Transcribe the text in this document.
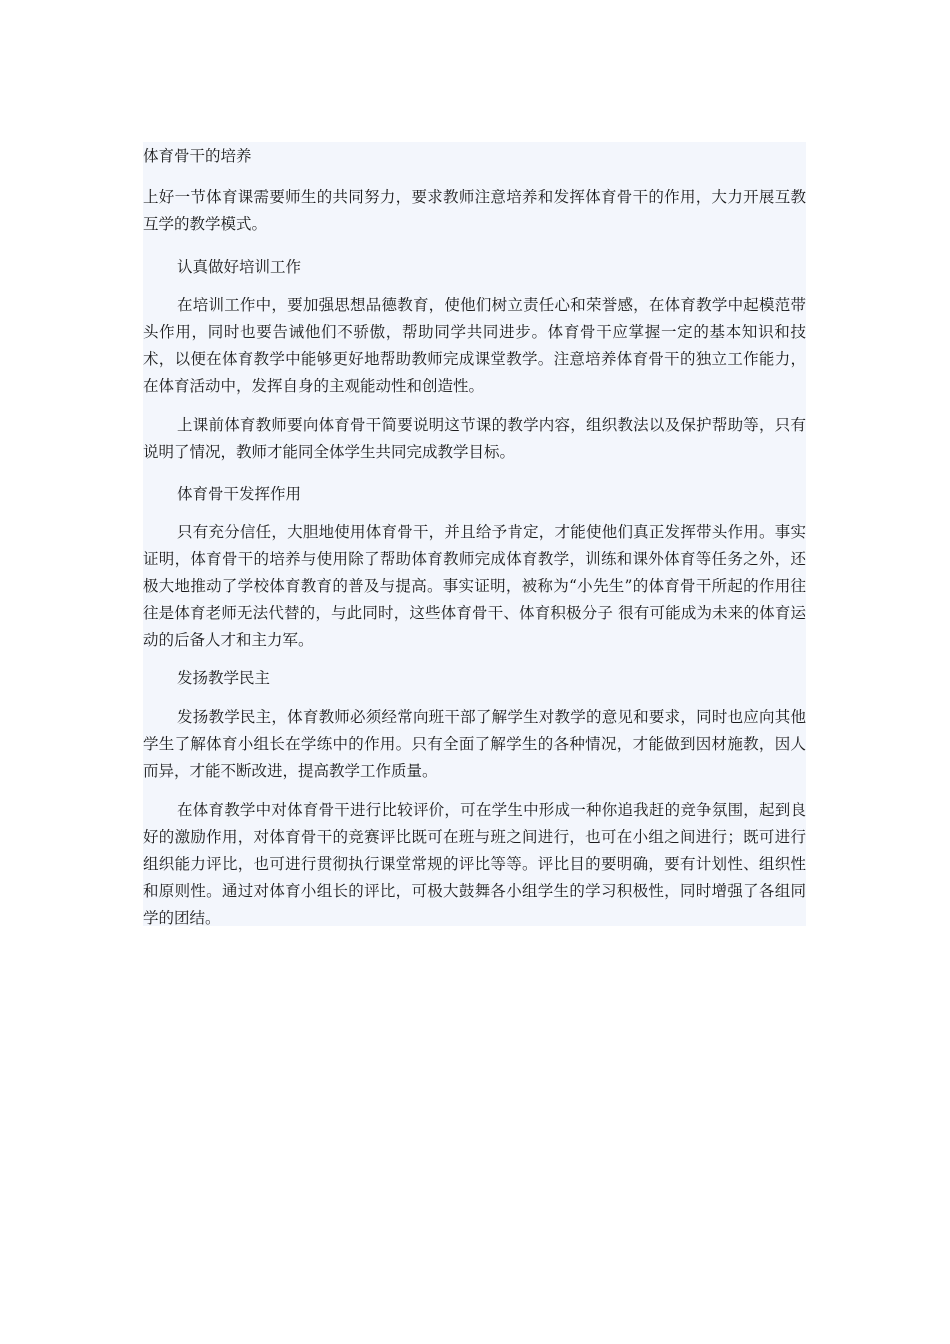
体育骨干的培养

上好一节体育课需要师生的共同努力，要求教师注意培养和发挥体育骨干的作用，大力开展互教互学的教学模式。

认真做好培训工作

在培训工作中，要加强思想品德教育，使他们树立责任心和荣誉感，在体育教学中起模范带头作用，同时也要告诫他们不骄傲，帮助同学共同进步。体育骨干应掌握一定的基本知识和技术，以便在体育教学中能够更好地帮助教师完成课堂教学。注意培养体育骨干的独立工作能力，在体育活动中，发挥自身的主观能动性和创造性。

上课前体育教师要向体育骨干简要说明这节课的教学内容，组织教法以及保护帮助等，只有说明了情况，教师才能同全体学生共同完成教学目标。

体育骨干发挥作用

只有充分信任，大胆地使用体育骨干，并且给予肯定，才能使他们真正发挥带头作用。事实证明，体育骨干的培养与使用除了帮助体育教师完成体育教学，训练和课外体育等任务之外，还极大地推动了学校体育教育的普及与提高。事实证明，被称为“小先生”的体育骨干所起的作用往往是体育老师无法代替的，与此同时，这些体育骨干、体育积极分子 很有可能成为未来的体育运动的后备人才和主力军。

发扬教学民主

发扬教学民主，体育教师必须经常向班干部了解学生对教学的意见和要求，同时也应向其他学生了解体育小组长在学练中的作用。只有全面了解学生的各种情况，才能做到因材施教，因人而异，才能不断改进，提高教学工作质量。

在体育教学中对体育骨干进行比较评价，可在学生中形成一种你追我赶的竞争氛围，起到良好的激励作用，对体育骨干的竞赛评比既可在班与班之间进行，也可在小组之间进行；既可进行组织能力评比，也可进行贯彻执行课堂常规的评比等等。评比目的要明确，要有计划性、组织性和原则性。通过对体育小组长的评比，可极大鼓舞各小组学生的学习积极性，同时增强了各组同学的团结。
